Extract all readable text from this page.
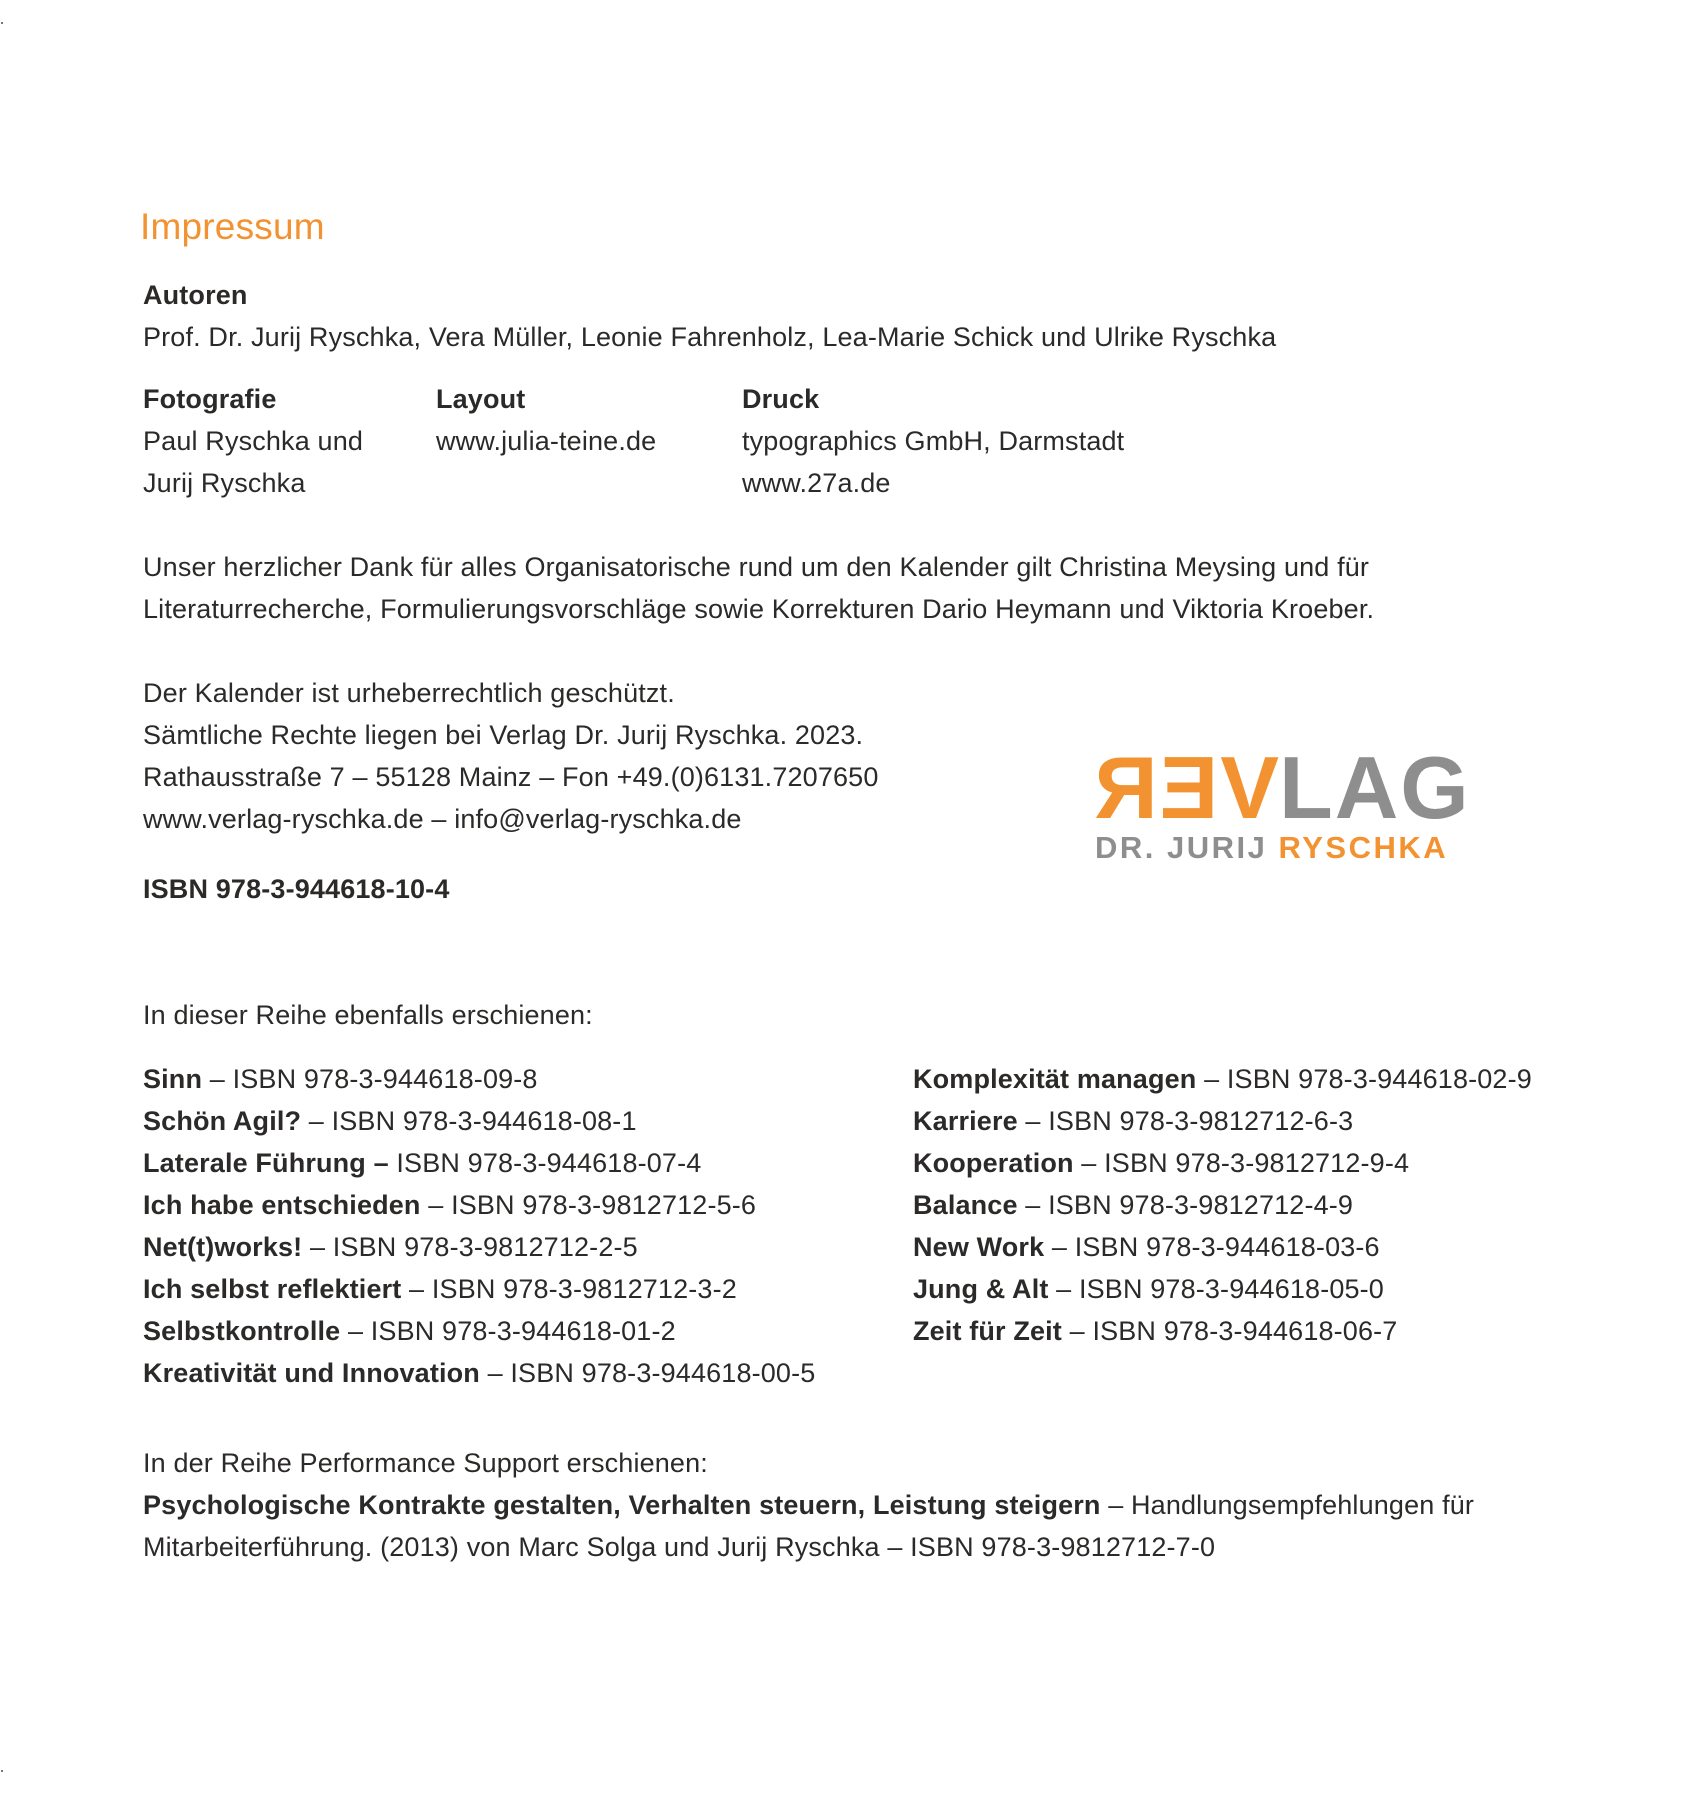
Impressum
Autoren
Prof. Dr. Jurij Ryschka, Vera Müller, Leonie Fahrenholz, Lea-Marie Schick und Ulrike Ryschka
Fotografie
Paul Ryschka und
Jurij Ryschka
Layout
www.julia-teine.de
Druck
typographics GmbH, Darmstadt
www.27a.de
Unser herzlicher Dank für alles Organisatorische rund um den Kalender gilt Christina Meysing und für
Literaturrecherche, Formulierungsvorschläge sowie Korrekturen Dario Heymann und Viktoria Kroeber.
Der Kalender ist urheberrechtlich geschützt.
Sämtliche Rechte liegen bei Verlag Dr. Jurij Ryschka. 2023.
Rathausstraße 7 – 55128 Mainz – Fon +49.(0)6131.7207650
www.verlag-ryschka.de – info@verlag-ryschka.de
ISBN 978-3-944618-10-4
VERLAG
DR. JURIJ RYSCHKA
In dieser Reihe ebenfalls erschienen:
Sinn – ISBN 978-3-944618-09-8
Schön Agil? – ISBN 978-3-944618-08-1
Laterale Führung – ISBN 978-3-944618-07-4
Ich habe entschieden – ISBN 978-3-9812712-5-6
Net(t)works! – ISBN 978-3-9812712-2-5
Ich selbst reflektiert – ISBN 978-3-9812712-3-2
Selbstkontrolle – ISBN 978-3-944618-01-2
Kreativität und Innovation – ISBN 978-3-944618-00-5
Komplexität managen – ISBN 978-3-944618-02-9
Karriere – ISBN 978-3-9812712-6-3
Kooperation – ISBN 978-3-9812712-9-4
Balance – ISBN 978-3-9812712-4-9
New Work – ISBN 978-3-944618-03-6
Jung & Alt – ISBN 978-3-944618-05-0
Zeit für Zeit – ISBN 978-3-944618-06-7
In der Reihe Performance Support erschienen:
Psychologische Kontrakte gestalten, Verhalten steuern, Leistung steigern – Handlungsempfehlungen für
Mitarbeiterführung. (2013) von Marc Solga und Jurij Ryschka – ISBN 978-3-9812712-7-0
